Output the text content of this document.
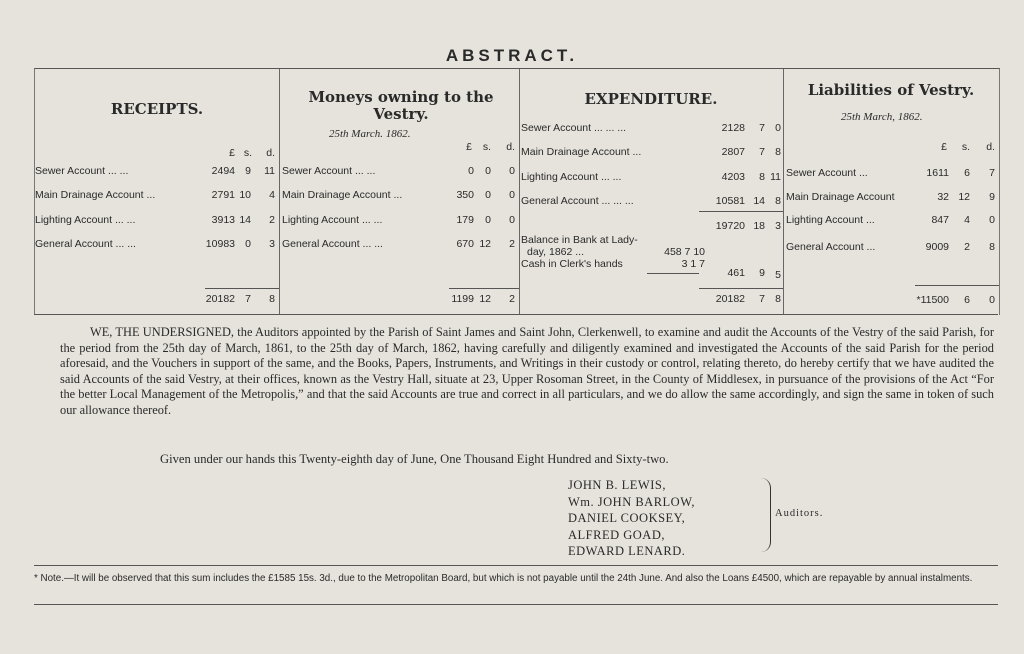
ABSTRACT.
RECEIPTS.
£ s.	d.
Sewer Account ... ...	2494 9	11
Main Drainage Account ...	2791 10	4
Lighting Account ... ...	3913 14	2
General Account ... ...	10983 0	3
20182 7	8
Moneys owning to the Vestry.
25th March. 1862.
£	s.	d.
Sewer Account ... ...	0	0	0
Main Drainage Account ...	350	0	0
Lighting Account ... ...	179	0	0
General Account ... ...	670 12	2
1199 12	2
EXPENDITURE.
Sewer Account ... ... ...	2128	7 0
Main Drainage Account ...	2807	7 8
Lighting Account ... ...	4203	8 11
General Account ... ... ...	10581 14 8
19720 18 3
Balance in Bank at Lady-
day, 1862 ...	458 7 10
Cash in Clerk's hands	3 1 7
461	9 5
20182	7 8
Liabilities of Vestry.
25th March, 1862.
£	s.	d.
Sewer Account ...	1611	6	7
Main Drainage Account	32 12	9
Lighting Account ...	847	4	0
General Account ...	9009	2	8
*11500	6	0
WE, THE UNDERSIGNED, the Auditors appointed by the Parish of Saint James and Saint John, Clerkenwell, to examine and audit the Accounts of the Vestry of the said Parish, for the period from the 25th day of March, 1861, to the 25th day of March, 1862, having carefully and diligently examined and investigated the Accounts of the said Parish for the period aforesaid, and the Vouchers in support of the same, and the Books, Papers, Instruments, and Writings in their custody or control, relating thereto, do hereby certify that we have audited the said Accounts of the said Vestry, at their offices, known as the Vestry Hall, situate at 23, Upper Rosoman Street, in the County of Middlesex, in pursuance of the provisions of the Act “For the better Local Management of the Metropolis,” and that the said Accounts are true and correct in all particulars, and we do allow the same accordingly, and sign the same in token of such our allowance thereof.
Given under our hands this Twenty-eighth day of June, One Thousand Eight Hundred and Sixty-two.
JOHN B. LEWIS,
Wm. JOHN BARLOW,
DANIEL COOKSEY,
ALFRED GOAD,
EDWARD LENARD.
Auditors.
* Note.—It will be observed that this sum includes the £1585 15s. 3d., due to the Metropolitan Board, but which is not payable until the 24th June. And also the Loans £4500, which are repayable by annual instalments.
